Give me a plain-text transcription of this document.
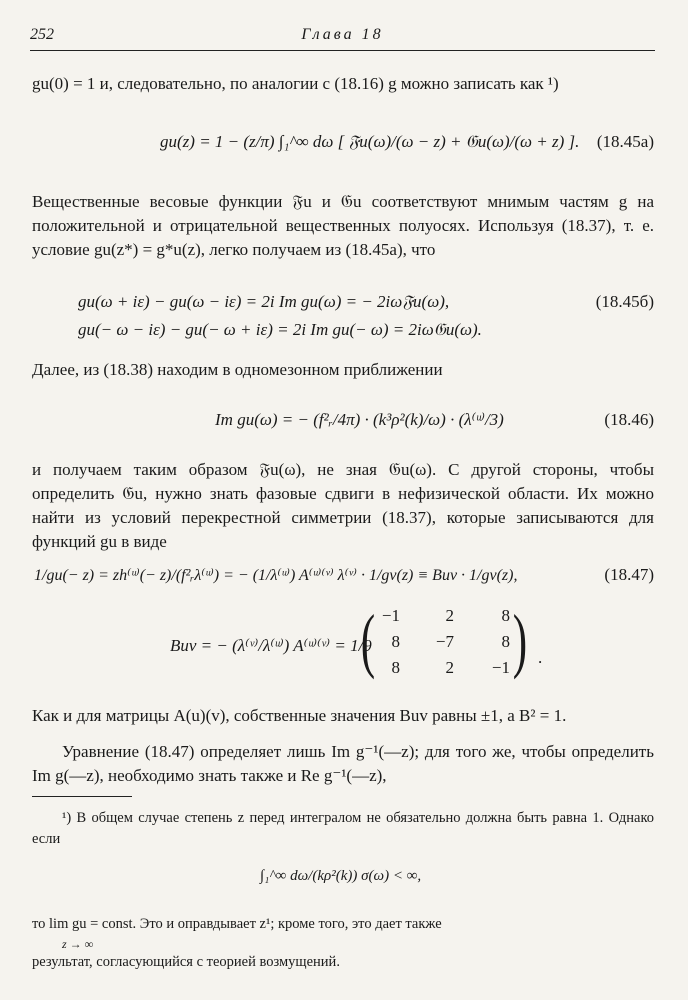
252	Глава 18
gu(0) = 1 и, следовательно, по аналогии с (18.16) g можно записать как ¹)
gu(z) = 1 − (z/π) ∫₁^∞ dω [ 𝔉u(ω)/(ω − z) + 𝔊u(ω)/(ω + z) ]. (18.45а)
Вещественные весовые функции 𝔉u и 𝔊u соответствуют мнимым частям g на положительной и отрицательной вещественных полуосях. Используя (18.37), т. е. условие gu(z*) = g*u(z), легко получаем из (18.45а), что
gu(ω + iε) − gu(ω − iε) = 2i Im gu(ω) = − 2iω𝔉u(ω),	(18.45б)
gu(− ω − iε) − gu(− ω + iε) = 2i Im gu(− ω) = 2iω𝔊u(ω).
Далее, из (18.38) находим в одномезонном приближении
Im gu(ω) = − (f²ᵣ/4π) · (k³ρ²(k)/ω) · (λ⁽ᵘ⁾/3)	(18.46)
и получаем таким образом 𝔉u(ω), не зная 𝔊u(ω). С другой стороны, чтобы определить 𝔊u, нужно знать фазовые сдвиги в нефизической области. Их можно найти из условий перекрестной симметрии (18.37), которые записываются для функций gu в виде
1/gu(− z) = zh⁽ᵘ⁾(− z)/(f²ᵣλ⁽ᵘ⁾) = − (1/λ⁽ᵘ⁾) A⁽ᵘ⁾⁽ᵛ⁾ λ⁽ᵛ⁾ · 1/gv(z) ≡ Buv · 1/gv(z),	(18.47)
Buv = − (λ⁽ᵛ⁾/λ⁽ᵘ⁾) A⁽ᵘ⁾⁽ᵛ⁾ = 1/9
( −1	2	8
8	−7	8
8	2	−1 ) .
Как и для матрицы A(u)(v), собственные значения Buv равны ±1, а B² = 1.
Уравнение (18.47) определяет лишь Im g⁻¹(—z); для того же, чтобы определить Im g(—z), необходимо знать также и Re g⁻¹(—z),
¹) В общем случае степень z перед интегралом не обязательно должна быть равна 1. Однако если
∫₁^∞ dω/(kρ²(k)) σ(ω) < ∞,
то lim gu = const. Это и оправдывает z¹; кроме того, это дает также
z → ∞
результат, согласующийся с теорией возмущений.
